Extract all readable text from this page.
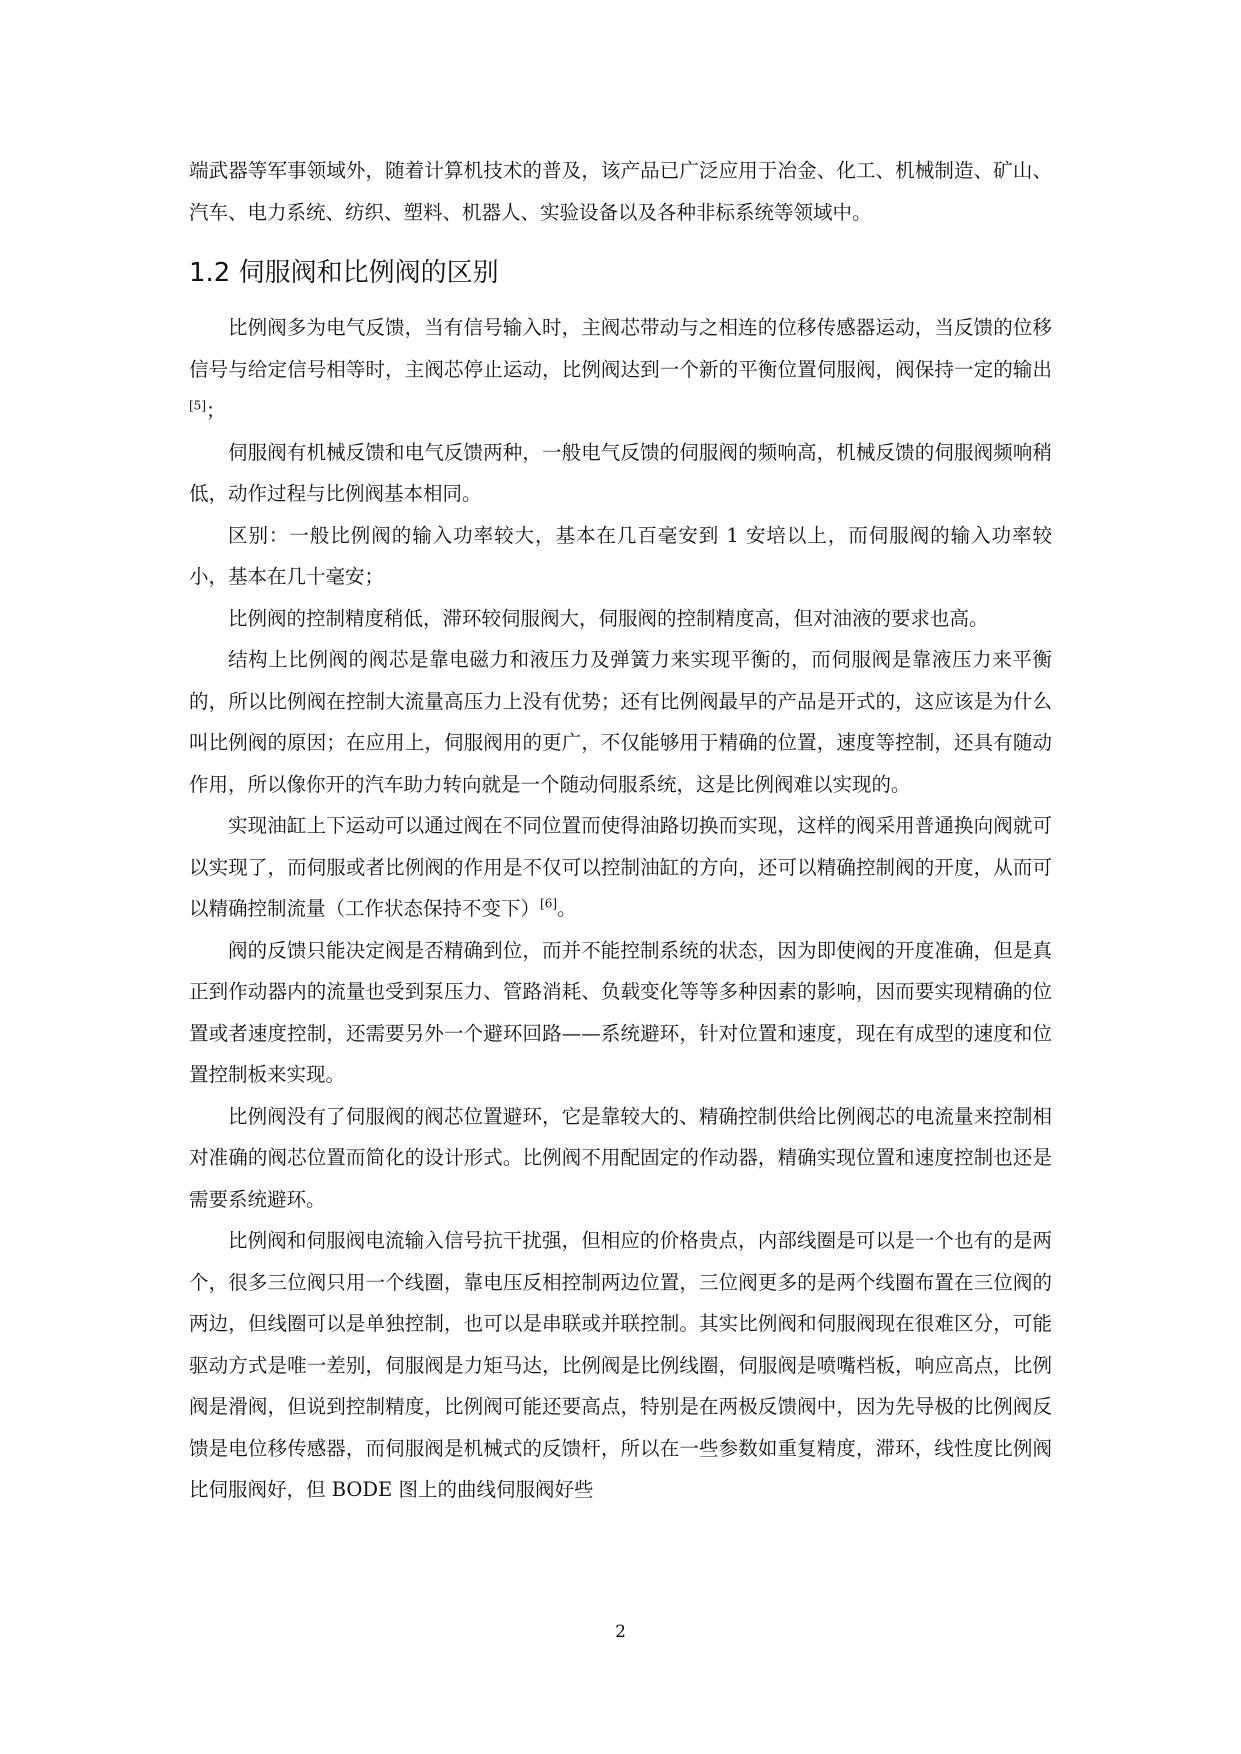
端武器等军事领域外，随着计算机技术的普及，该产品已广泛应用于冶金、化工、机械制造、矿山、汽车、电力系统、纺织、塑料、机器人、实验设备以及各种非标系统等领域中。

1.2 伺服阀和比例阀的区别

比例阀多为电气反馈，当有信号输入时，主阀芯带动与之相连的位移传感器运动，当反馈的位移信号与给定信号相等时，主阀芯停止运动，比例阀达到一个新的平衡位置伺服阀，阀保持一定的输出[5]；

伺服阀有机械反馈和电气反馈两种，一般电气反馈的伺服阀的频响高，机械反馈的伺服阀频响稍低，动作过程与比例阀基本相同。

区别：一般比例阀的输入功率较大，基本在几百毫安到 1 安培以上，而伺服阀的输入功率较小，基本在几十毫安；

比例阀的控制精度稍低，滞环较伺服阀大，伺服阀的控制精度高，但对油液的要求也高。

结构上比例阀的阀芯是靠电磁力和液压力及弹簧力来实现平衡的，而伺服阀是靠液压力来平衡的，所以比例阀在控制大流量高压力上没有优势；还有比例阀最早的产品是开式的，这应该是为什么叫比例阀的原因；在应用上，伺服阀用的更广，不仅能够用于精确的位置，速度等控制，还具有随动作用，所以像你开的汽车助力转向就是一个随动伺服系统，这是比例阀难以实现的。

实现油缸上下运动可以通过阀在不同位置而使得油路切换而实现，这样的阀采用普通换向阀就可以实现了，而伺服或者比例阀的作用是不仅可以控制油缸的方向，还可以精确控制阀的开度，从而可以精确控制流量（工作状态保持不变下）[6]。

阀的反馈只能决定阀是否精确到位，而并不能控制系统的状态，因为即使阀的开度准确，但是真正到作动器内的流量也受到泵压力、管路消耗、负载变化等等多种因素的影响，因而要实现精确的位置或者速度控制，还需要另外一个避环回路——系统避环，针对位置和速度，现在有成型的速度和位置控制板来实现。

比例阀没有了伺服阀的阀芯位置避环，它是靠较大的、精确控制供给比例阀芯的电流量来控制相对准确的阀芯位置而简化的设计形式。比例阀不用配固定的作动器，精确实现位置和速度控制也还是需要系统避环。

比例阀和伺服阀电流输入信号抗干扰强，但相应的价格贵点，内部线圈是可以是一个也有的是两个，很多三位阀只用一个线圈，靠电压反相控制两边位置，三位阀更多的是两个线圈布置在三位阀的两边，但线圈可以是单独控制，也可以是串联或并联控制。其实比例阀和伺服阀现在很难区分，可能驱动方式是唯一差别，伺服阀是力矩马达，比例阀是比例线圈，伺服阀是喷嘴档板，响应高点，比例阀是滑阀，但说到控制精度，比例阀可能还要高点，特别是在两极反馈阀中，因为先导极的比例阀反馈是电位移传感器，而伺服阀是机械式的反馈杆，所以在一些参数如重复精度，滞环，线性度比例阀比伺服阀好，但 BODE 图上的曲线伺服阀好些

2
